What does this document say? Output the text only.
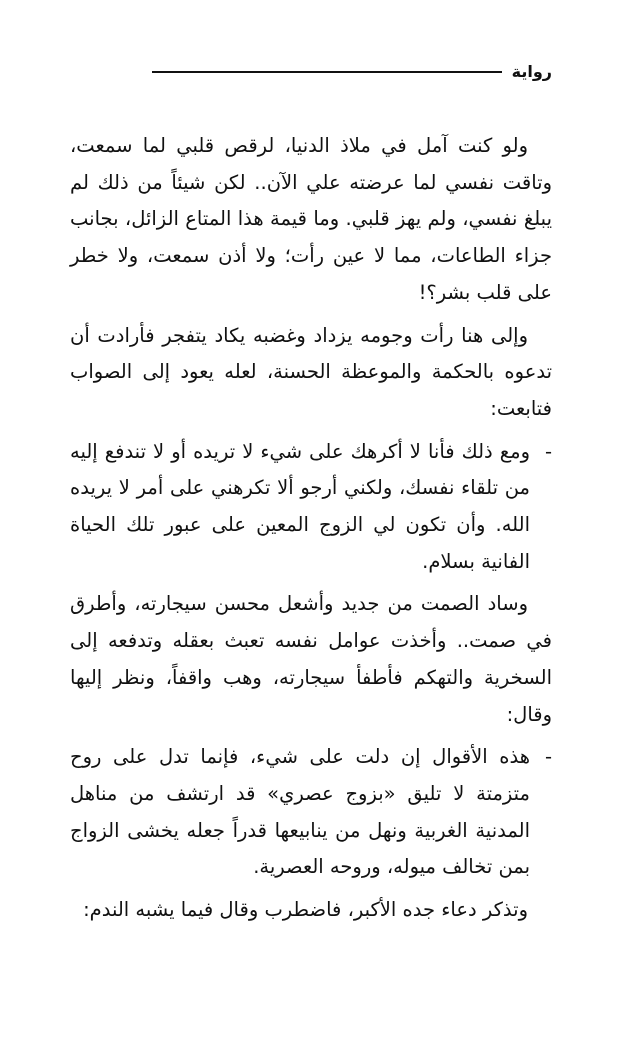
رواية

ولو كنت آمل في ملاذ الدنيا، لرقص قلبي لما سمعت، وتاقت نفسي لما عرضته علي الآن.. لكن شيئاً من ذلك لم يبلغ نفسي، ولم يهز قلبي. وما قيمة هذا المتاع الزائل، بجانب جزاء الطاعات، مما لا عين رأت؛ ولا أذن سمعت، ولا خطر على قلب بشر؟!

وإلى هنا رأت وجومه يزداد وغضبه يكاد يتفجر فأرادت أن تدعوه بالحكمة والموعظة الحسنة، لعله يعود إلى الصواب فتابعت:

-

ومع ذلك فأنا لا أكرهك على شيء لا تريده أو لا تندفع إليه من تلقاء نفسك، ولكني أرجو ألا تكرهني على أمر لا يريده الله. وأن تكون لي الزوج المعين على عبور تلك الحياة الفانية بسلام.

وساد الصمت من جديد وأشعل محسن سيجارته، وأطرق في صمت.. وأخذت عوامل نفسه تعبث بعقله وتدفعه إلى السخرية والتهكم فأطفأ سيجارته، وهب واقفاً، ونظر إليها وقال:

-

هذه الأقوال إن دلت على شيء، فإنما تدل على روح متزمتة لا تليق «بزوج عصري» قد ارتشف من مناهل المدنية الغربية ونهل من ينابيعها قدراً جعله يخشى الزواج بمن تخالف ميوله، وروحه العصرية.

وتذكر دعاء جده الأكبر، فاضطرب وقال فيما يشبه الندم:
